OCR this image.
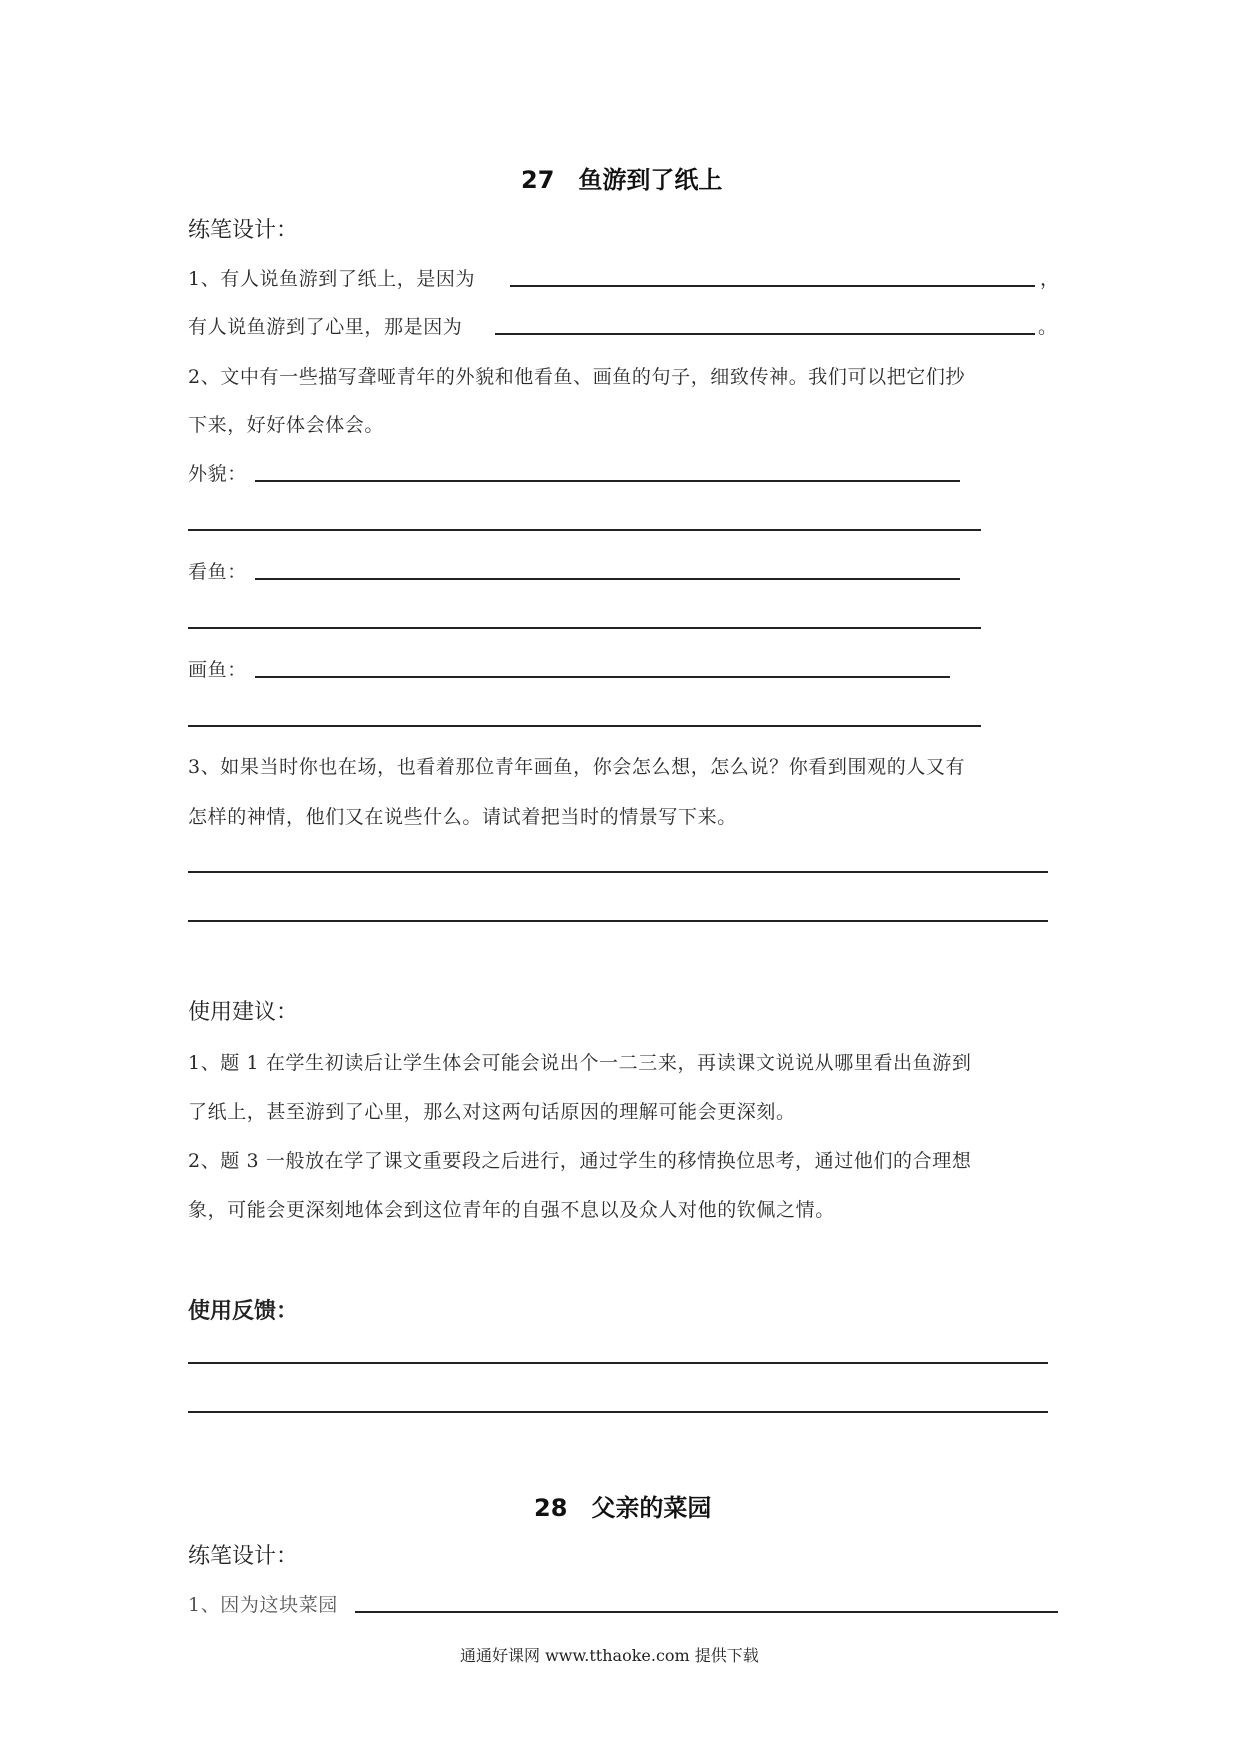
27　鱼游到了纸上
练笔设计：
1、有人说鱼游到了纸上，是因为	，
有人说鱼游到了心里，那是因为	。
2、文中有一些描写聋哑青年的外貌和他看鱼、画鱼的句子，细致传神。我们可以把它们抄
下来，好好体会体会。
外貌：
看鱼：
画鱼：
3、如果当时你也在场，也看着那位青年画鱼，你会怎么想，怎么说？你看到围观的人又有
怎样的神情，他们又在说些什么。请试着把当时的情景写下来。
使用建议：
1、题 1 在学生初读后让学生体会可能会说出个一二三来，再读课文说说从哪里看出鱼游到
了纸上，甚至游到了心里，那么对这两句话原因的理解可能会更深刻。
2、题 3 一般放在学了课文重要段之后进行，通过学生的移情换位思考，通过他们的合理想
象，可能会更深刻地体会到这位青年的自强不息以及众人对他的钦佩之情。
使用反馈：
28　父亲的菜园
练笔设计：
1、因为这块菜园
通通好课网 www.tthaoke.com 提供下载
